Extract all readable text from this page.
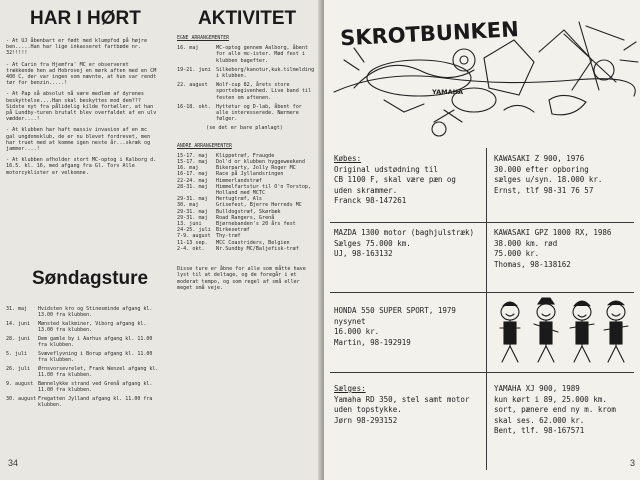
HAR I HØRT

- At UJ åbenbart er født med klumpfod på højre ben.....Han har lige inkasseret fartbøde nr. 32!!!!!

- At Carin fra Hjemfra' MC er observeret trækkende hen ad Hobrovej en mørk aften med en CM 400 C, der var ingen som nævnte, at hun var rendt tør for benzin.....!

- At Pap så absolut nå være medlem af dyrenes beskyttelse....Han skal beskyttes mod dem??? Sidste nyt fra pålidelig kilde fortæller, at han på Lundby-turen brutalt blev overfaldet af en ulv vædder....!

- At klubben har haft massiv invasion af en mc gal ungdomsklub, de er nu blevet fordrevet, men har truet med at komme igen neste år...skræk og jammer....!

- At klubben afholder stort MC-optog i Kalborg d. 16.5. kl. 16, med afgang fra Gl. Torv Alle motorcyklister er velkomne.

Søndagsture
31. maj	Hvidsten kro og Stinesminde afgang kl. 13.00 fra klubben.
14. juni	Mønsted kalkminer, Viborg afgang kl. 13.00 fra klubben.
28. juni	Dem gamle by i Aarhus afgang kl. 11.00 fra klubben.
5. juli	Svæveflyvning i Borup afgang kl. 11.00 fra klubben.
26. juli	Ørnsvorsevrelet, Frank Wenzel afgang kl. 11.00 fra klubben.
9. august Bønnelykke strand ved Grenå afgang kl. 11.00 fra klubben.
30. august Fregatten Jylland afgang kl. 11.00 fra klubben.
AKTIVITET
EGNE ARRANGEMENTER
16. maj	MC-optog gennem Aalborg, åbent for alle mc-ister. Mød fest i klubben bagefter.
19-21. juni	Silkeborg/kanotur,kuk.tilmelding i klubben.
22. august	Wolf-cup 82, årets store sportsbegivenhed. Live band til festen om aftenen.
16-18. okt.	Hyttetur og D-lab, åbent for alle interesserede. Nærmere følger.
(se det er bare planlagt)
ANDRE ARRANGEMENTER
15-17. maj	Klippetræf, Fraugde
15-17. maj	Dol'd or klubben hyggeweekend
16. maj	Bikerparty, Jolly Roger MC
16-17. maj	Race på Jyllandsringen
22-24. maj	Himmerlandstræf
28-31. maj	Himmelfartstur til O'n Torstop, Holland med MCTC
29-31. maj	Hertugtræf, Als
30. maj	Grisefest, Bjerre Herreds MC
29-31. maj	Bulldogstræf, Skørbæk
29-31. maj	Road Rangers, Grenå
13. juni	Bjørnebanden's 20 års fest
24-25. juli	Birkesetræf
7-9. august	Thy-træf
11-13 sep.	MCC Coastriders, Belgien
2-4. okt.	Nr.Sundby MC/Baljefisk-træf

Disse ture er åbne for alle som måtte have lyst til at deltage, og de foregår i et moderat tempo, og som regel af små eller meget små veje.

34
SKROTBUNKEN
YAMAHA
Købes:
Original udstødning til
CB 1100 F, skal være pæn og
uden skrammer.
Franck 98-147261
KAWASAKI Z 900, 1976
30.000 efter opboring
sælges u/syn. 18.000 kr.
Ernst, tlf 98-31 76 57
MAZDA 1300 motor (baghjulstræk)
Sælges 75.000 km.
UJ, 98-163132
KAWASAKI GPZ 1000 RX, 1986
38.000 km. rød
75.000 kr.
Thomas, 98-138162
HONDA 550 SUPER SPORT, 1979
nysynet
16.000 kr.
Martin, 98-192919
Sælges:
Yamaha RD 350, stel samt motor
uden topstykke.
Jørn 98-293152
YAMAHA XJ 900, 1989
kun kørt i 89, 25.000 km.
sort, pænere end ny m. krom
skal ses. 62.000 kr.
Bent, tlf. 98-167571
3
